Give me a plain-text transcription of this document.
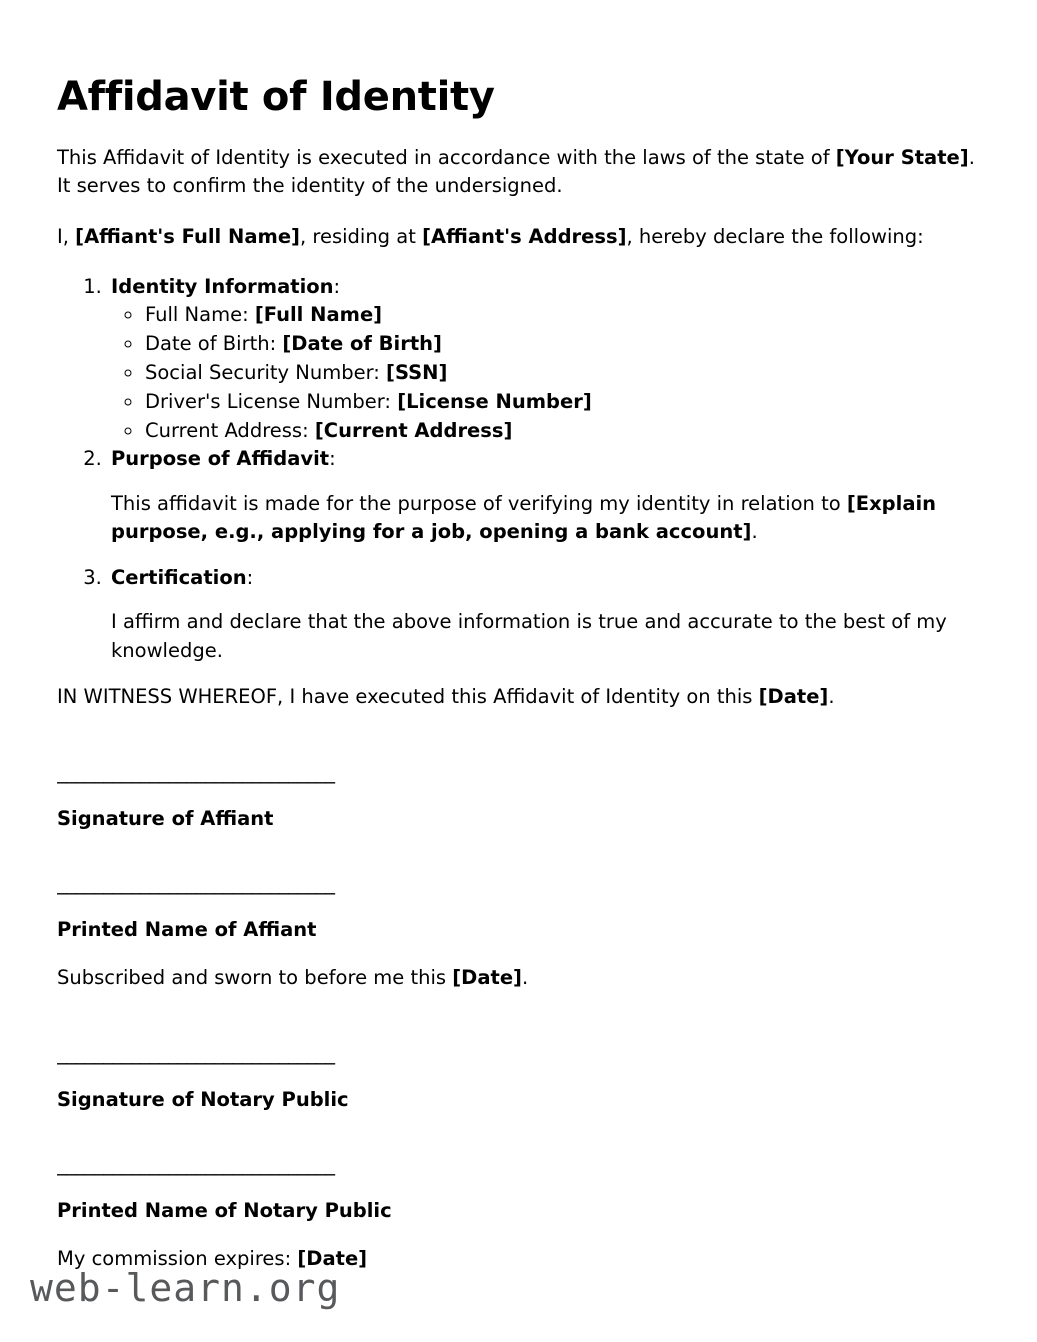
Affidavit of Identity

This Affidavit of Identity is executed in accordance with the laws of the state of [Your State]. It serves to confirm the identity of the undersigned.

I, [Affiant's Full Name], residing at [Affiant's Address], hereby declare the following:

1. Identity Information:
◦ Full Name: [Full Name]
◦ Date of Birth: [Date of Birth]
◦ Social Security Number: [SSN]
◦ Driver's License Number: [License Number]
◦ Current Address: [Current Address]
2. Purpose of Affidavit:

This affidavit is made for the purpose of verifying my identity in relation to [Explain purpose, e.g., applying for a job, opening a bank account].

3. Certification:

I affirm and declare that the above information is true and accurate to the best of my knowledge.

IN WITNESS WHEREOF, I have executed this Affidavit of Identity on this [Date].

______________________________
Signature of Affiant
______________________________
Printed Name of Affiant

Subscribed and sworn to before me this [Date].

______________________________
Signature of Notary Public
______________________________
Printed Name of Notary Public

My commission expires: [Date]

web-learn.org
